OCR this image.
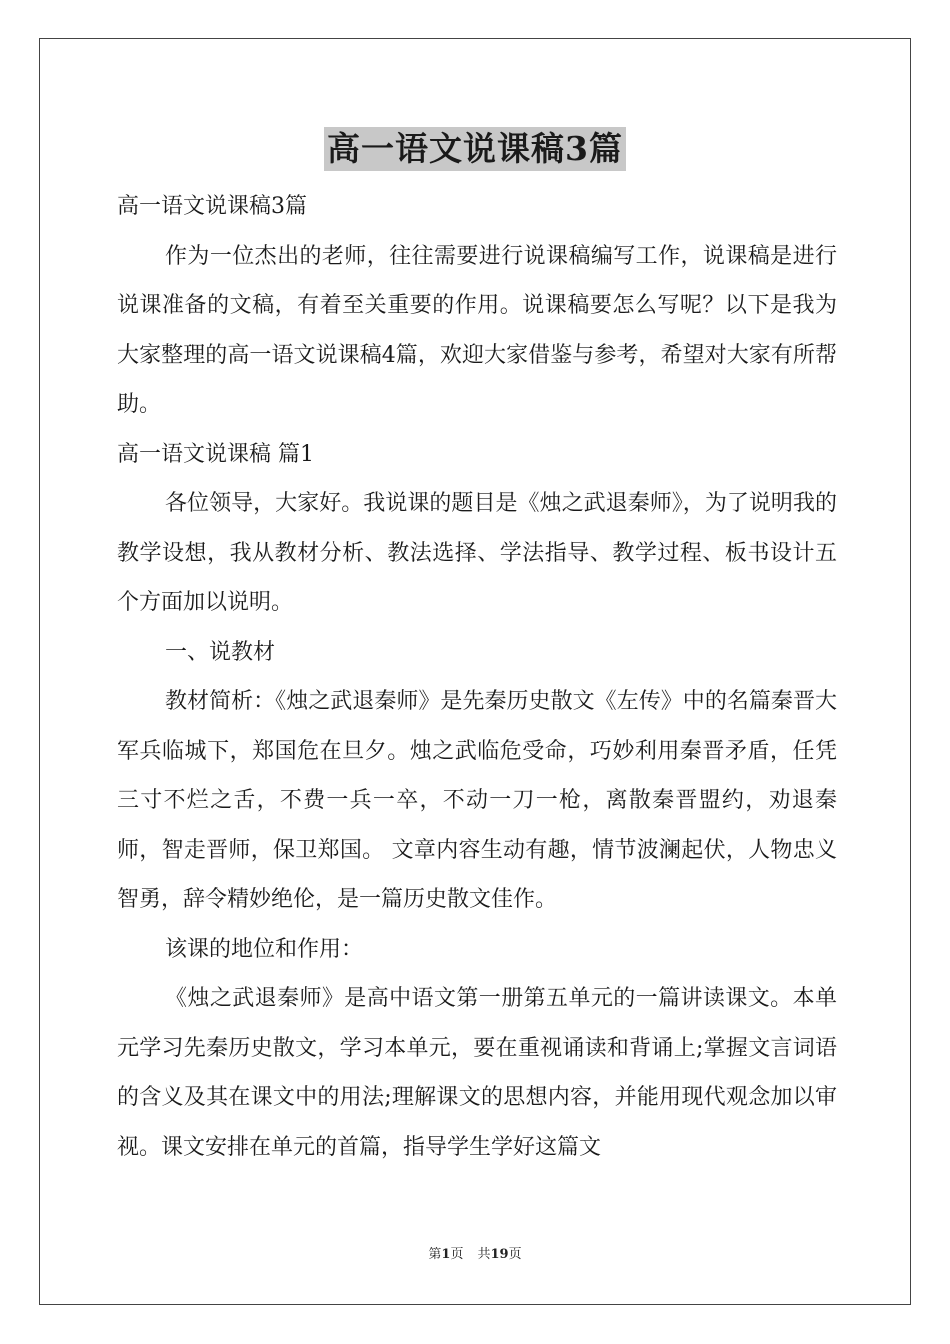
高一语文说课稿3篇

高一语文说课稿3篇

作为一位杰出的老师，往往需要进行说课稿编写工作，说课稿是进行说课准备的文稿，有着至关重要的作用。说课稿要怎么写呢？以下是我为大家整理的高一语文说课稿4篇，欢迎大家借鉴与参考，希望对大家有所帮助。

高一语文说课稿 篇1

各位领导，大家好。我说课的题目是《烛之武退秦师》，为了说明我的教学设想，我从教材分析、教法选择、学法指导、教学过程、板书设计五个方面加以说明。

一、说教材

教材简析：《烛之武退秦师》是先秦历史散文《左传》中的名篇秦晋大军兵临城下，郑国危在旦夕。烛之武临危受命，巧妙利用秦晋矛盾，任凭三寸不烂之舌，不费一兵一卒，不动一刀一枪，离散秦晋盟约，劝退秦师，智走晋师，保卫郑国。 文章内容生动有趣，情节波澜起伏，人物忠义智勇，辞令精妙绝伦，是一篇历史散文佳作。

该课的地位和作用：

《烛之武退秦师》是高中语文第一册第五单元的一篇讲读课文。本单元学习先秦历史散文，学习本单元，要在重视诵读和背诵上;掌握文言词语的含义及其在课文中的用法;理解课文的思想内容，并能用现代观念加以审视。课文安排在单元的首篇，指导学生学好这篇文

第1页 共19页
